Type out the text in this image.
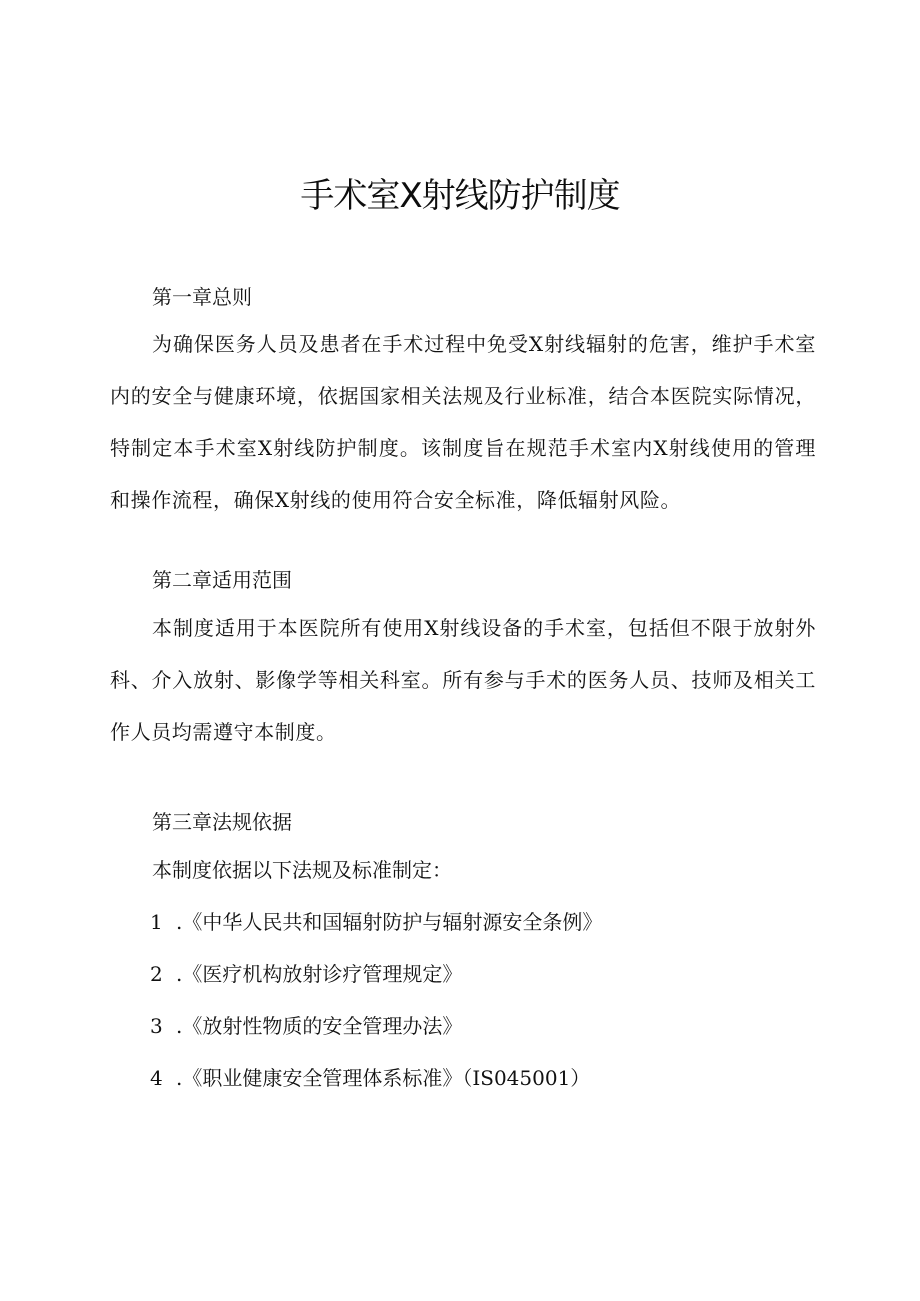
手术室X射线防护制度
第一章总则
为确保医务人员及患者在手术过程中免受X射线辐射的危害，维护手术室内的安全与健康环境，依据国家相关法规及行业标准，结合本医院实际情况，特制定本手术室X射线防护制度。该制度旨在规范手术室内X射线使用的管理和操作流程，确保X射线的使用符合安全标准，降低辐射风险。
第二章适用范围
本制度适用于本医院所有使用X射线设备的手术室，包括但不限于放射外科、介入放射、影像学等相关科室。所有参与手术的医务人员、技师及相关工作人员均需遵守本制度。
第三章法规依据
本制度依据以下法规及标准制定：
1 .《中华人民共和国辐射防护与辐射源安全条例》
2 .《医疗机构放射诊疗管理规定》
3 .《放射性物质的安全管理办法》
4 .《职业健康安全管理体系标准》（IS045001）
